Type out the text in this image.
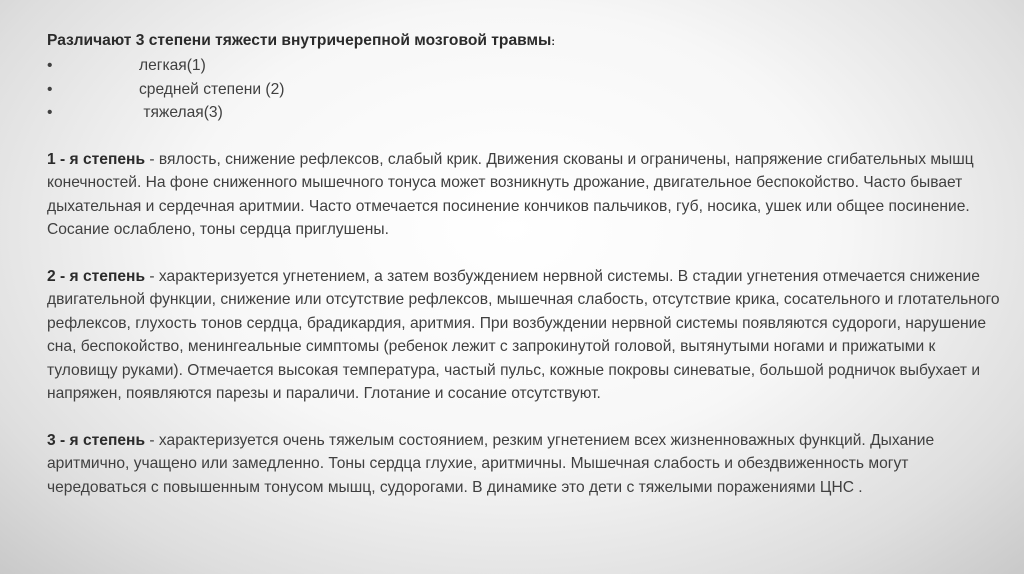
Различают 3 степени тяжести внутричерепной мозговой травмы:

•	легкая(1)
•	средней степени (2)
•	тяжелая(3)

1 - я степень - вялость, снижение рефлексов, слабый крик. Движения скованы и ограничены, напряжение сгибательных мышц конечностей. На фоне сниженного мышечного тонуса может возникнуть дрожание, двигательное беспокойство. Часто бывает дыхательная и сердечная аритмии. Часто отмечается посинение кончиков пальчиков, губ, носика, ушек или общее посинение. Сосание ослаблено, тоны сердца приглушены.

2 - я степень - характеризуется угнетением, а затем возбуждением нервной системы. В стадии угнетения отмечается снижение двигательной функции, снижение или отсутствие рефлексов, мышечная слабость, отсутствие крика, сосательного и глотательного рефлексов, глухость тонов сердца, брадикардия, аритмия. При возбуждении нервной системы появляются судороги, нарушение сна, беспокойство, менингеальные симптомы (ребенок лежит с запрокинутой головой, вытянутыми ногами и прижатыми к туловищу руками). Отмечается высокая температура, частый пульс, кожные покровы синеватые, большой родничок выбухает и напряжен, появляются парезы и параличи. Глотание и сосание отсутствуют.

3 - я степень - характеризуется очень тяжелым состоянием, резким угнетением всех жизненноважных функций. Дыхание аритмично, учащено или замедленно. Тоны сердца глухие, аритмичны. Мышечная слабость и обездвиженность могут чередоваться с повышенным тонусом мышц, судорогами. В динамике это дети с тяжелыми поражениями ЦНС .
